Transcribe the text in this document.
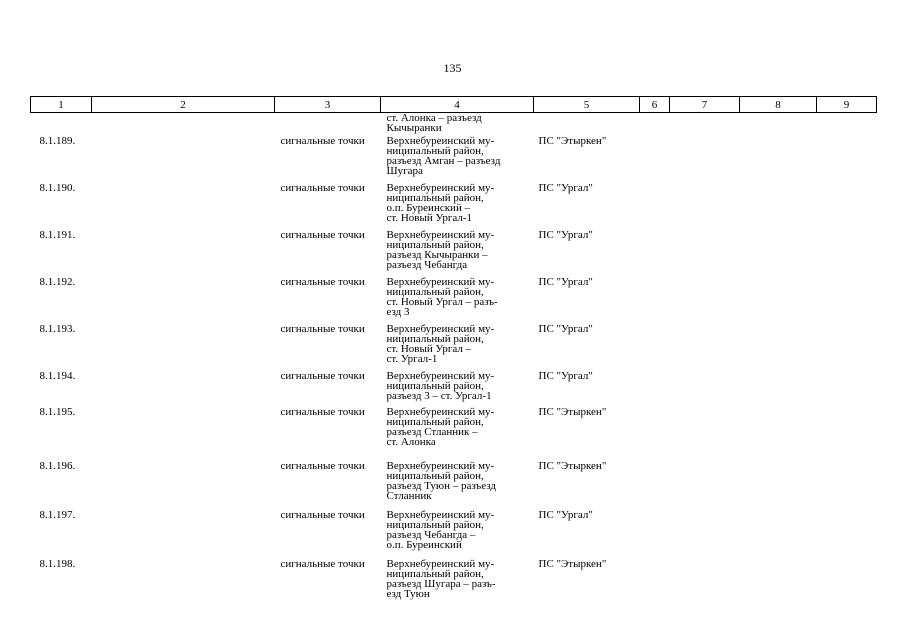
135
1	2	3	4	5	6	7	8	9

			ст. Алонка – разъезд
Кычыранки					

8.1.189.		сигнальные точки	Верхнебуреинский му-
ниципальный район,
разъезд Амган – разъезд
Шугара	ПС "Этыркен"				
8.1.190.		сигнальные точки	Верхнебуреинский му-
ниципальный район,
о.п. Буреинский –
ст. Новый Ургал-1	ПС "Ургал"				
8.1.191.		сигнальные точки	Верхнебуреинский му-
ниципальный район,
разъезд Кычыранки –
разъезд Чебангда	ПС "Ургал"				
8.1.192.		сигнальные точки	Верхнебуреинский му-
ниципальный район,
ст. Новый Ургал – разъ-
езд 3	ПС "Ургал"				
8.1.193.		сигнальные точки	Верхнебуреинский му-
ниципальный район,
ст. Новый Ургал –
ст. Ургал-1	ПС "Ургал"				
8.1.194.		сигнальные точки	Верхнебуреинский му-
ниципальный район,
разъезд 3 – ст. Ургал-1	ПС "Ургал"				
8.1.195.		сигнальные точки	Верхнебуреинский му-
ниципальный район,
разъезд Стланник –
ст. Алонка	ПС "Этыркен"				
8.1.196.		сигнальные точки	Верхнебуреинский му-
ниципальный район,
разъезд Туюн – разъезд
Стланник	ПС "Этыркен"				
8.1.197.		сигнальные точки	Верхнебуреинский му-
ниципальный район,
разъезд Чебангда –
о.п. Буреинский	ПС "Ургал"				
8.1.198.		сигнальные точки	Верхнебуреинский му-
ниципальный район,
разъезд Шугара – разъ-
езд Туюн	ПС "Этыркен"				
